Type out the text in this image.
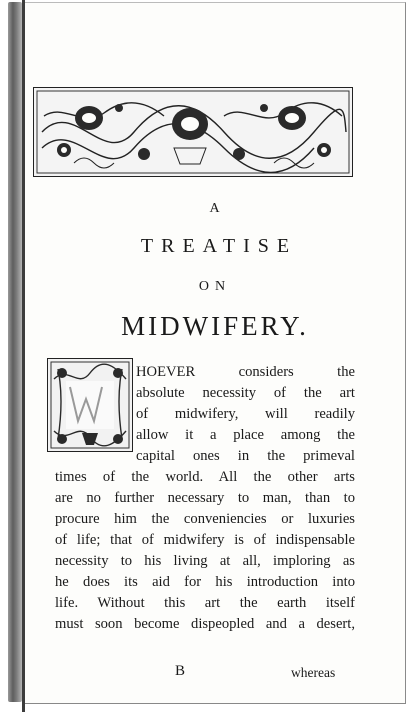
A
TREATISE
ON
MIDWIFERY.
HOEVER considers the
absolute necessity of the art
of midwifery, will readily
allow it a place among the
capital ones in the primeval
times of the world. All the other arts
are no further necessary to man, than to
procure him the conveniencies or luxuries
of life; that of midwifery is of indispensable
necessity to his living at all, imploring as
he does its aid for his introduction into
life. Without this art the earth itself
must soon become dispeopled and a desert,
B	whereas
